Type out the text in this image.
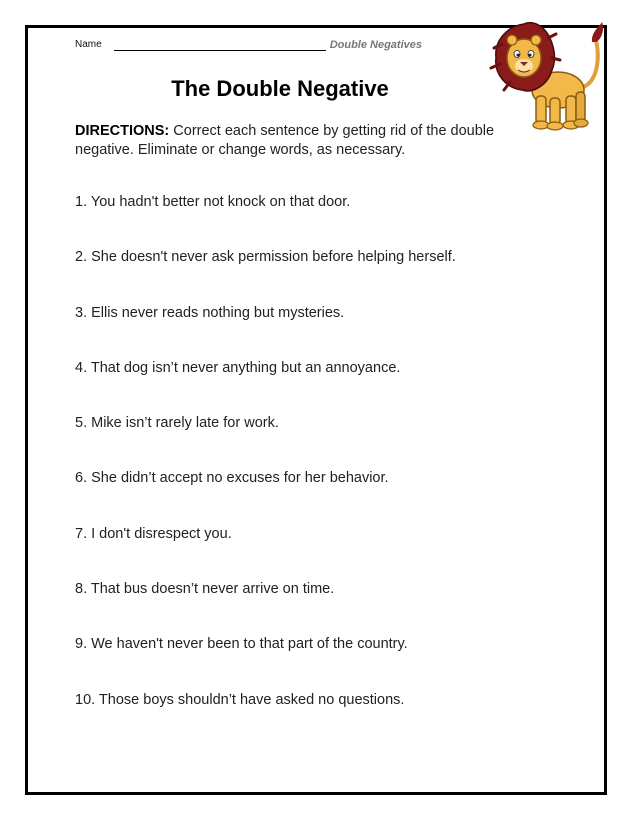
Name	Double Negatives
The Double Negative
DIRECTIONS: Correct each sentence by getting rid of the double negative. Eliminate or change words, as necessary.
1. You hadn't better not knock on that door.
2. She doesn't never ask permission before helping herself.
3. Ellis never reads nothing but mysteries.
4. That dog isn’t never anything but an annoyance.
5. Mike isn’t rarely late for work.
6. She didn’t accept no excuses for her behavior.
7. I don't disrespect you.
8. That bus doesn’t never arrive on time.
9. We haven't never been to that part of the country.
10. Those boys shouldn’t have asked no questions.
